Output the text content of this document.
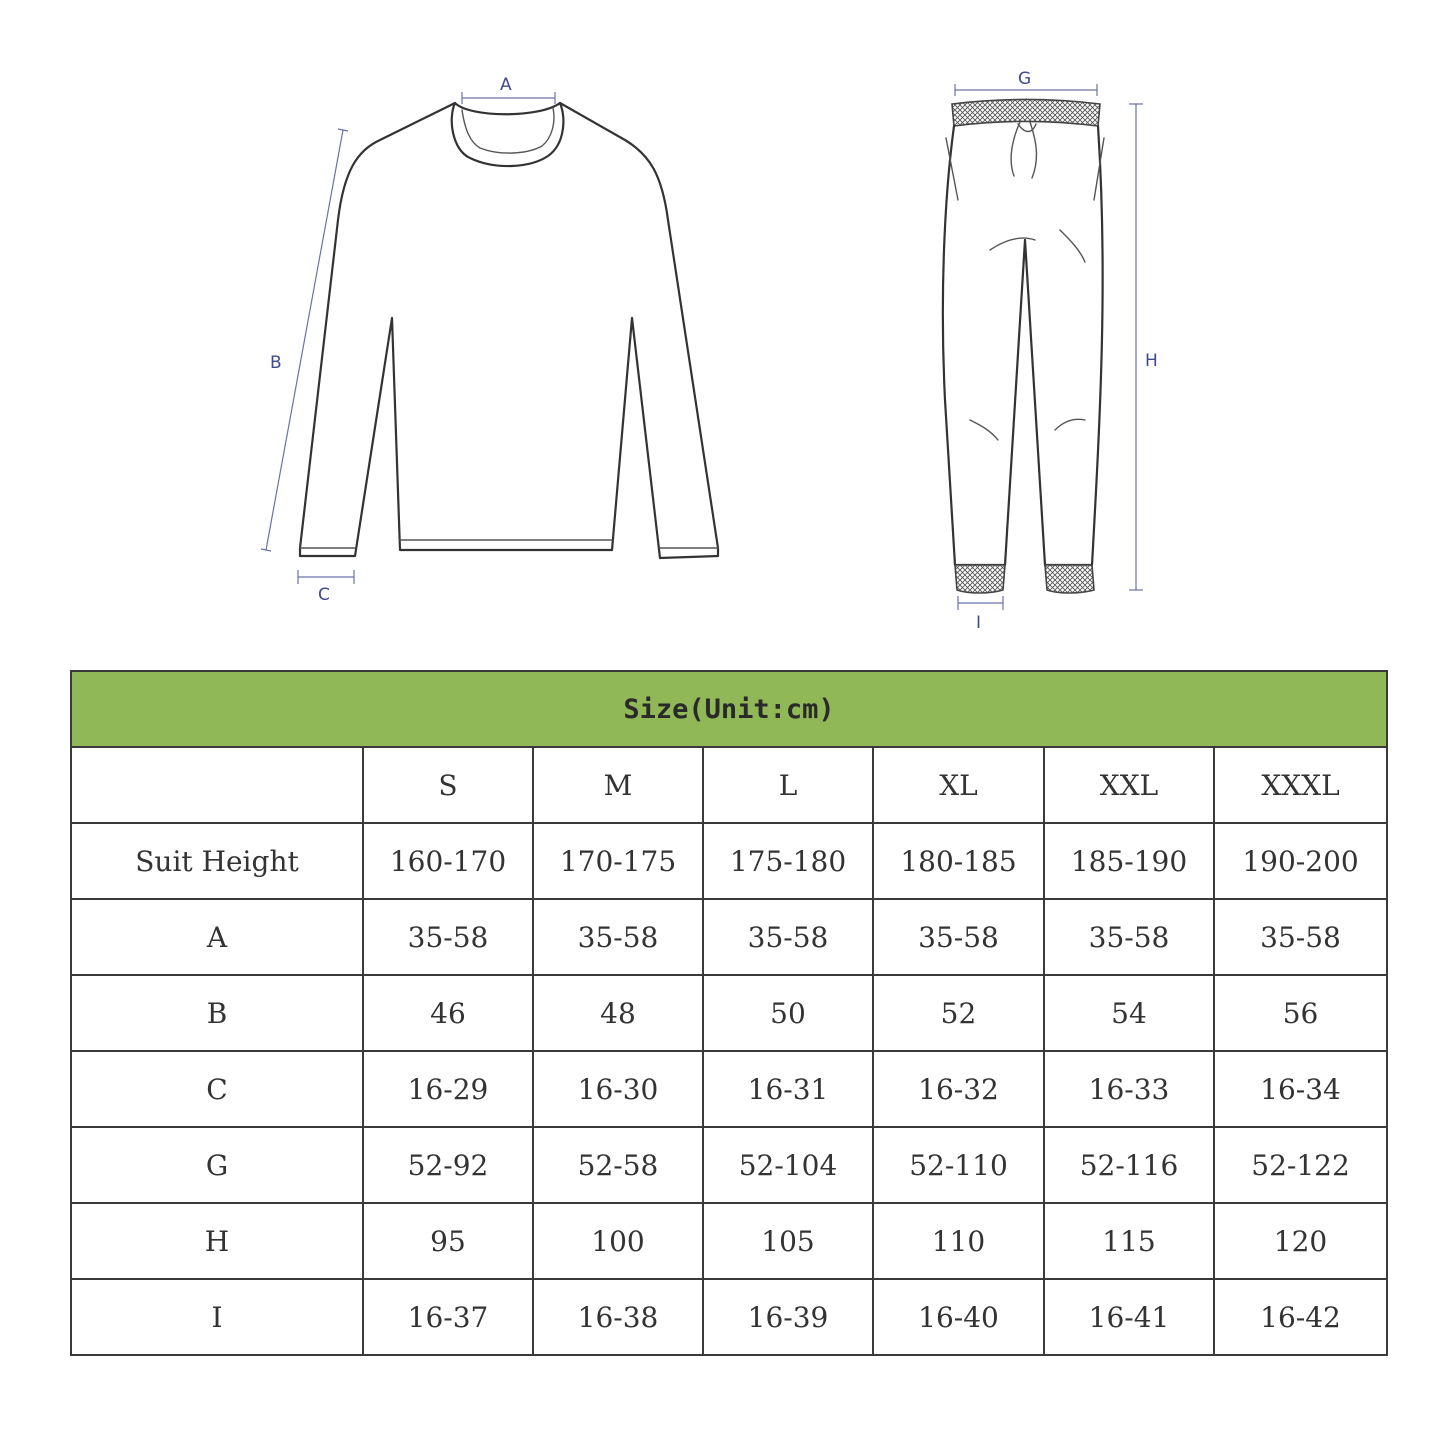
A
B
C
G
H
I
Size(Unit:cm)						
	S	M	L	XL	XXL	XXXL
Suit Height	160-170	170-175	175-180	180-185	185-190	190-200
A	35-58	35-58	35-58	35-58	35-58	35-58
B	46	48	50	52	54	56
C	16-29	16-30	16-31	16-32	16-33	16-34
G	52-92	52-58	52-104	52-110	52-116	52-122
H	95	100	105	110	115	120
I	16-37	16-38	16-39	16-40	16-41	16-42
